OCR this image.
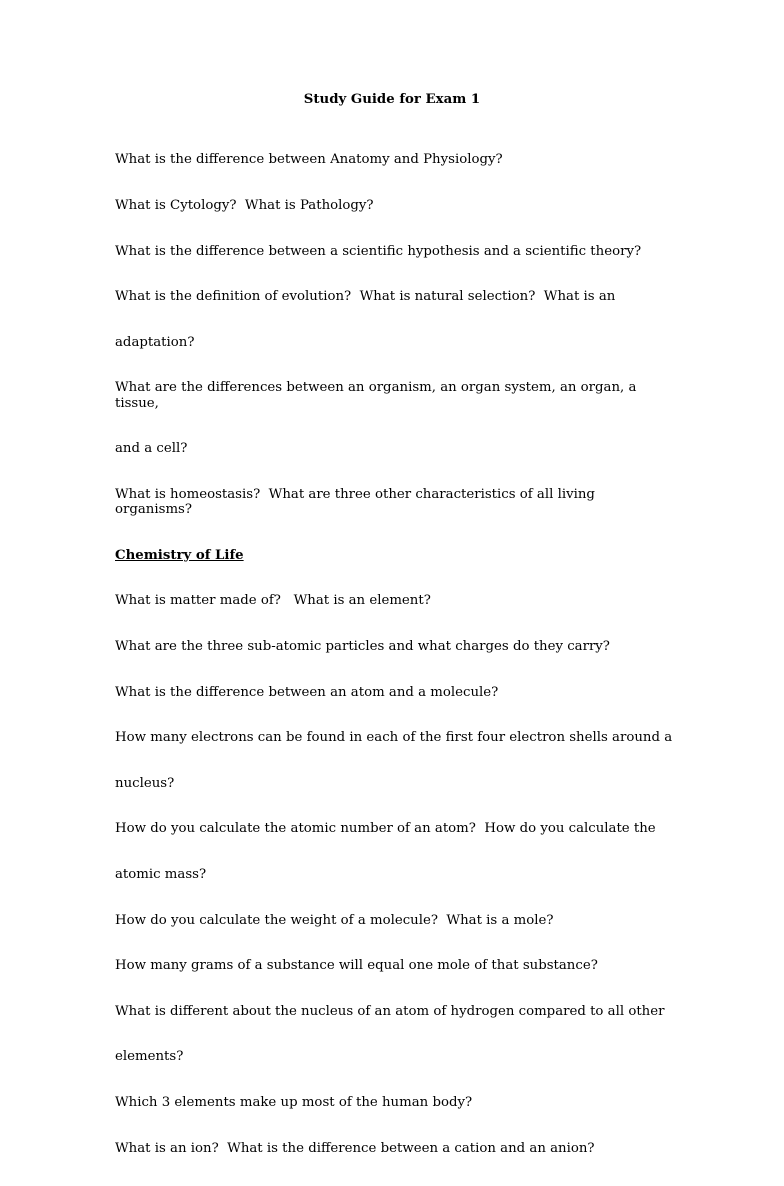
Study Guide for Exam 1

What is the difference between Anatomy and Physiology?

What is Cytology?  What is Pathology?

What is the difference between a scientific hypothesis and a scientific theory?

What is the definition of evolution?  What is natural selection?  What is an

adaptation?

What are the differences between an organism, an organ system, an organ, a tissue,

and a cell?

What is homeostasis?  What are three other characteristics of all living organisms?

Chemistry of Life

What is matter made of?   What is an element?

What are the three sub-atomic particles and what charges do they carry?

What is the difference between an atom and a molecule?

How many electrons can be found in each of the first four electron shells around a

nucleus?

How do you calculate the atomic number of an atom?  How do you calculate the

atomic mass?

How do you calculate the weight of a molecule?  What is a mole?

How many grams of a substance will equal one mole of that substance?

What is different about the nucleus of an atom of hydrogen compared to all other

elements?

Which 3 elements make up most of the human body?

What is an ion?  What is the difference between a cation and an anion?
